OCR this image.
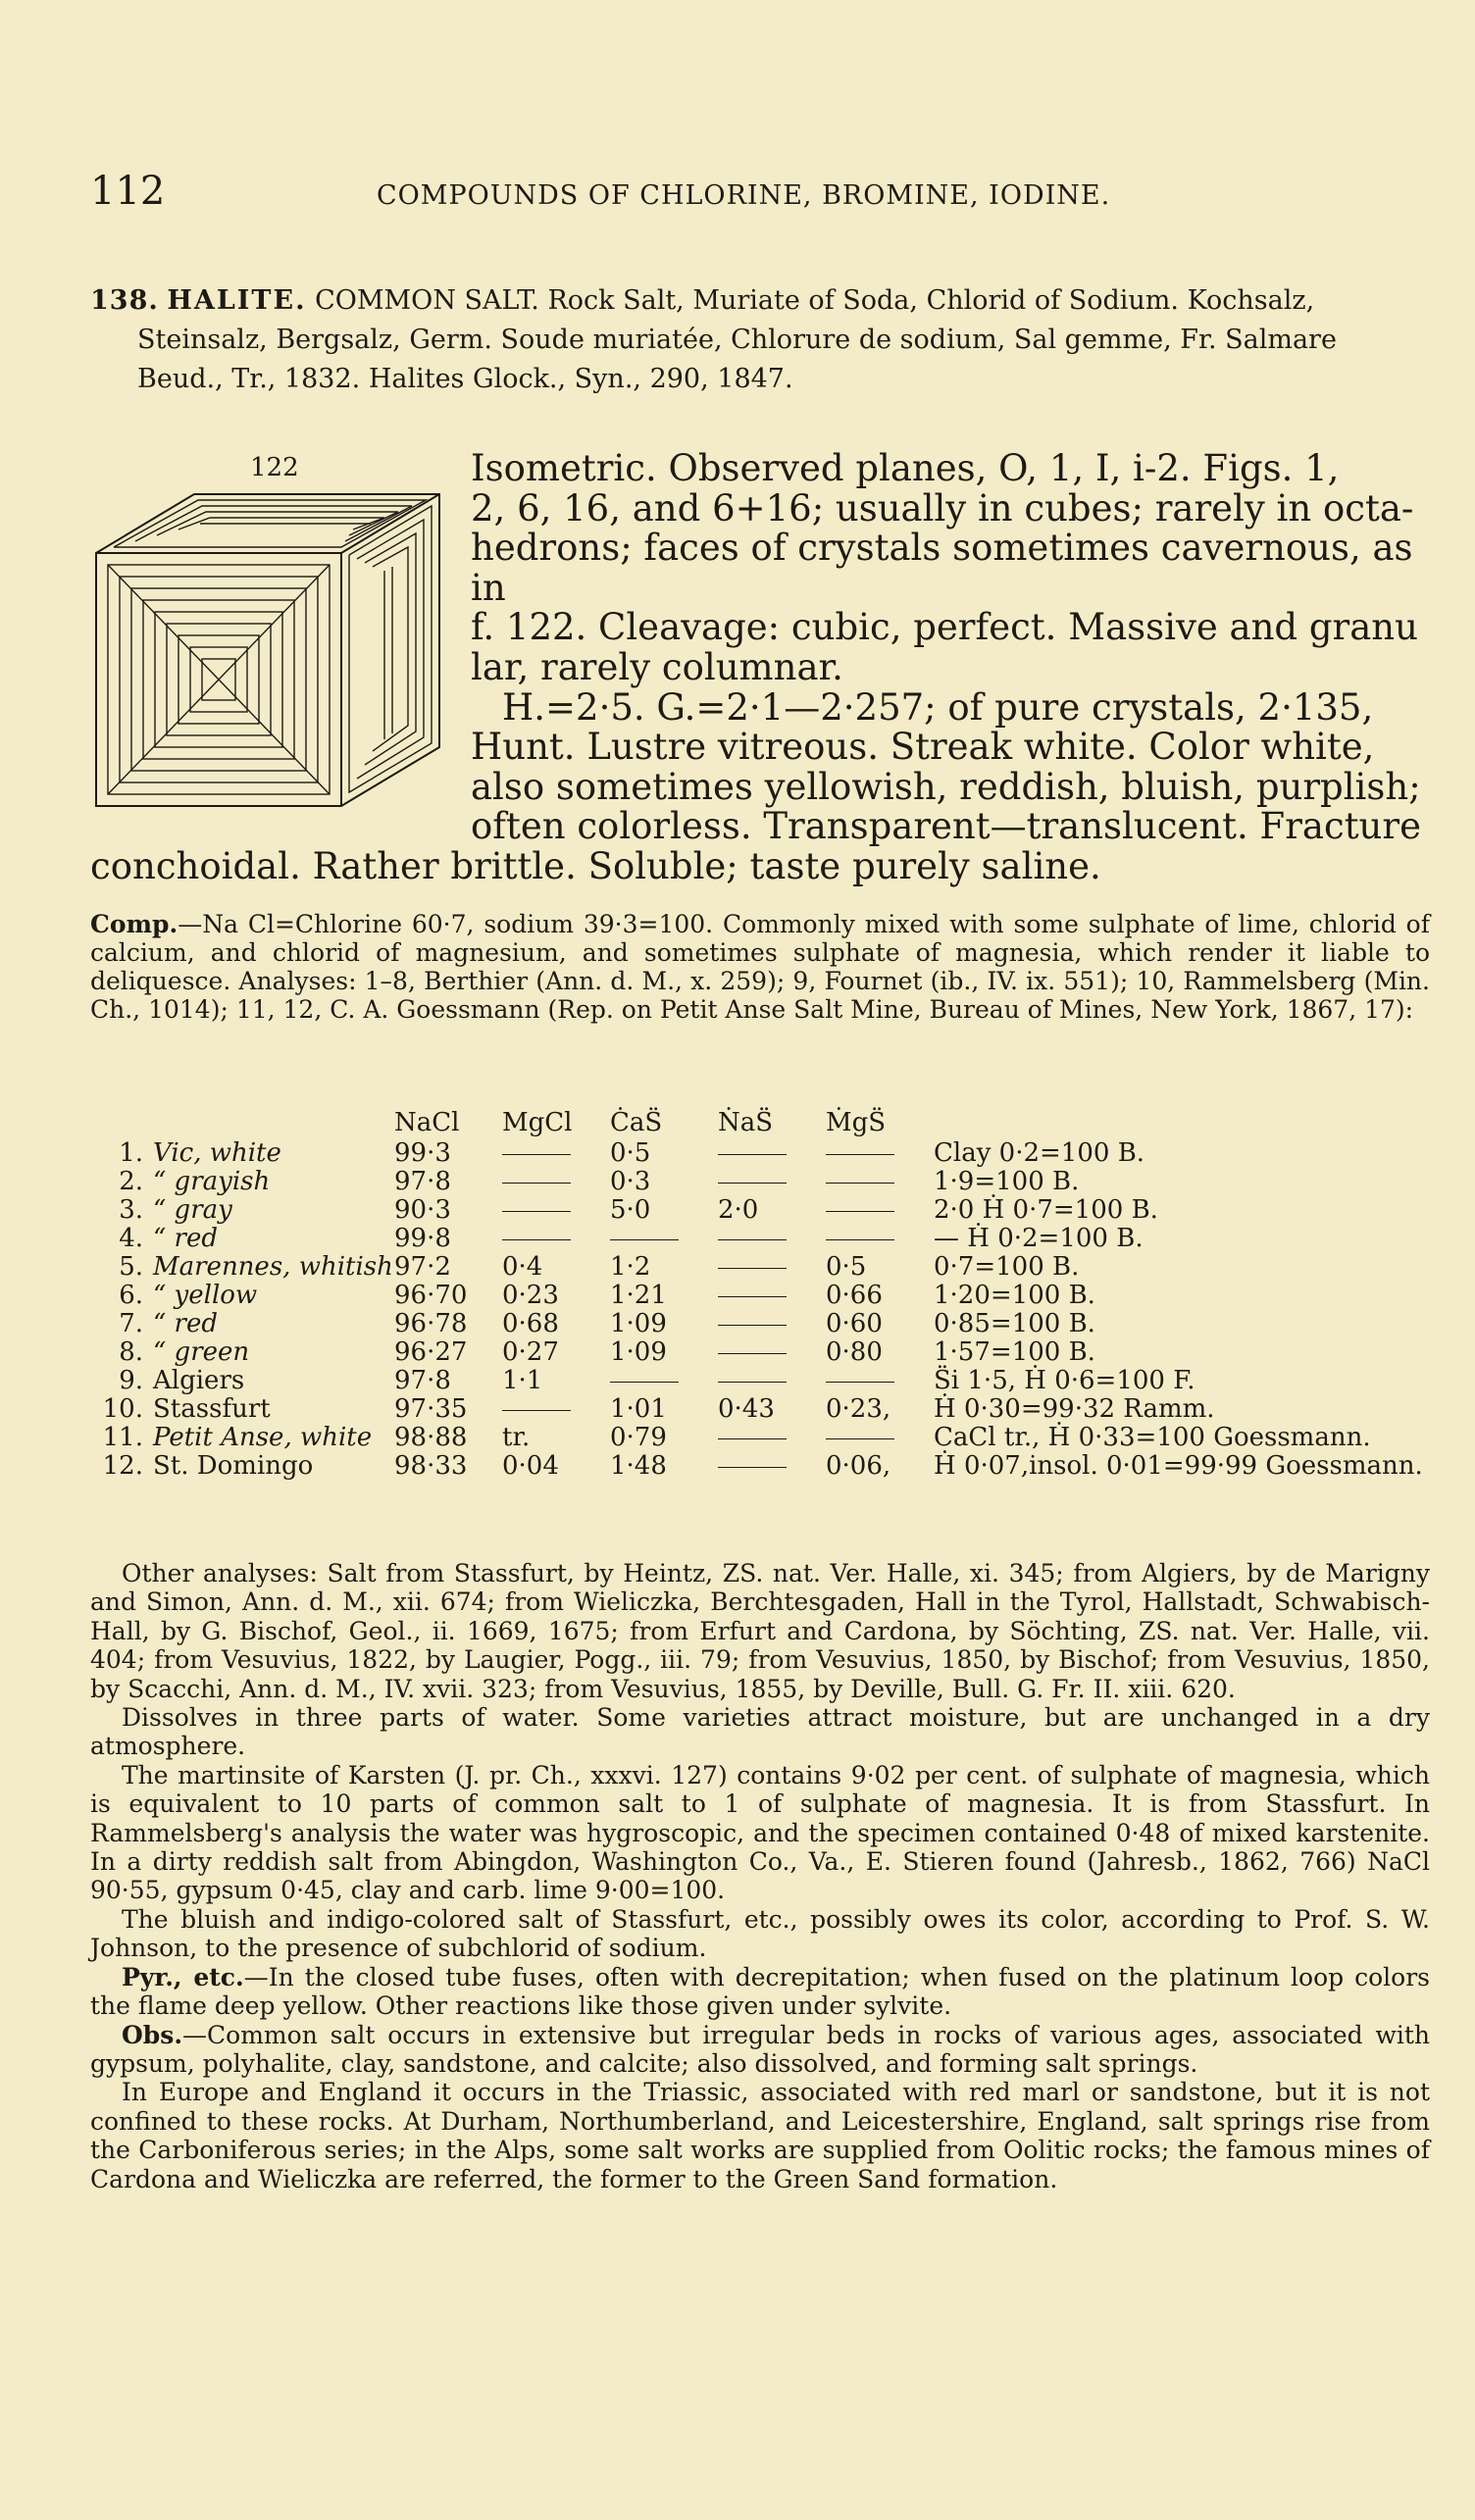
112	COMPOUNDS OF CHLORINE, BROMINE, IODINE.
138. HALITE. COMMON SALT. Rock Salt, Muriate of Soda, Chlorid of Sodium. Kochsalz,
Steinsalz, Bergsalz, Germ. Soude muriatée, Chlorure de sodium, Sal gemme, Fr. Salmare
Beud., Tr., 1832. Halites Glock., Syn., 290, 1847.
122	Isometric. Observed planes, O, 1, I, i-2. Figs. 1,
2, 6, 16, and 6+16; usually in cubes; rarely in octa-
hedrons; faces of crystals sometimes cavernous, as in
f. 122. Cleavage: cubic, perfect. Massive and granu
lar, rarely columnar.
H.=2·5. G.=2·1—2·257; of pure crystals, 2·135,
Hunt. Lustre vitreous. Streak white. Color white,
also sometimes yellowish, reddish, bluish, purplish;
often colorless. Transparent—translucent. Fracture
conchoidal. Rather brittle. Soluble; taste purely saline.
Comp.—Na Cl=Chlorine 60·7, sodium 39·3=100. Commonly mixed with some sulphate of lime, chlorid of calcium, and chlorid of magnesium, and sometimes sulphate of magnesia, which render it liable to deliquesce. Analyses: 1–8, Berthier (Ann. d. M., x. 259); 9, Fournet (ib., IV. ix. 551); 10, Rammelsberg (Min. Ch., 1014); 11, 12, C. A. Goessmann (Rep. on Petit Anse Salt Mine, Bureau of Mines, New York, 1867, 17):
		NaCl	MgCl	ĊaS̈	ṄaS̈	ṀgS̈	
1.	Vic, white	99·3		0·5			Clay 0·2=100 B.
2.	“ grayish	97·8		0·3			1·9=100 B.
3.	“ gray	90·3		5·0	2·0		2·0 Ḣ 0·7=100 B.
4.	“ red	99·8					— Ḣ 0·2=100 B.
5.	Marennes, whitish	97·2	0·4	1·2		0·5	0·7=100 B.
6.	“ yellow	96·70	0·23	1·21		0·66	1·20=100 B.
7.	“ red	96·78	0·68	1·09		0·60	0·85=100 B.
8.	“ green	96·27	0·27	1·09		0·80	1·57=100 B.
9.	Algiers	97·8	1·1				S̈i 1·5, Ḣ 0·6=100 F.
10.	Stassfurt	97·35		1·01	0·43	0·23,	Ḣ 0·30=99·32 Ramm.
11.	Petit Anse, white	98·88	tr.	0·79			CaCl tr., Ḣ 0·33=100 Goessmann.
12.	St. Domingo	98·33	0·04	1·48		0·06,	Ḣ 0·07,insol. 0·01=99·99 Goessmann.

Other analyses: Salt from Stassfurt, by Heintz, ZS. nat. Ver. Halle, xi. 345; from Algiers, by de Marigny and Simon, Ann. d. M., xii. 674; from Wieliczka, Berchtesgaden, Hall in the Tyrol, Hallstadt, Schwabisch-Hall, by G. Bischof, Geol., ii. 1669, 1675; from Erfurt and Cardona, by Söchting, ZS. nat. Ver. Halle, vii. 404; from Vesuvius, 1822, by Laugier, Pogg., iii. 79; from Vesuvius, 1850, by Bischof; from Vesuvius, 1850, by Scacchi, Ann. d. M., IV. xvii. 323; from Vesuvius, 1855, by Deville, Bull. G. Fr. II. xiii. 620.

Dissolves in three parts of water. Some varieties attract moisture, but are unchanged in a dry atmosphere.

The martinsite of Karsten (J. pr. Ch., xxxvi. 127) contains 9·02 per cent. of sulphate of magnesia, which is equivalent to 10 parts of common salt to 1 of sulphate of magnesia. It is from Stassfurt. In Rammelsberg's analysis the water was hygroscopic, and the specimen contained 0·48 of mixed karstenite. In a dirty reddish salt from Abingdon, Washington Co., Va., E. Stieren found (Jahresb., 1862, 766) NaCl 90·55, gypsum 0·45, clay and carb. lime 9·00=100.

The bluish and indigo-colored salt of Stassfurt, etc., possibly owes its color, according to Prof. S. W. Johnson, to the presence of subchlorid of sodium.

Pyr., etc.—In the closed tube fuses, often with decrepitation; when fused on the platinum loop colors the flame deep yellow. Other reactions like those given under sylvite.

Obs.—Common salt occurs in extensive but irregular beds in rocks of various ages, associated with gypsum, polyhalite, clay, sandstone, and calcite; also dissolved, and forming salt springs.

In Europe and England it occurs in the Triassic, associated with red marl or sandstone, but it is not confined to these rocks. At Durham, Northumberland, and Leicestershire, England, salt springs rise from the Carboniferous series; in the Alps, some salt works are supplied from Oolitic rocks; the famous mines of Cardona and Wieliczka are referred, the former to the Green Sand formation.
